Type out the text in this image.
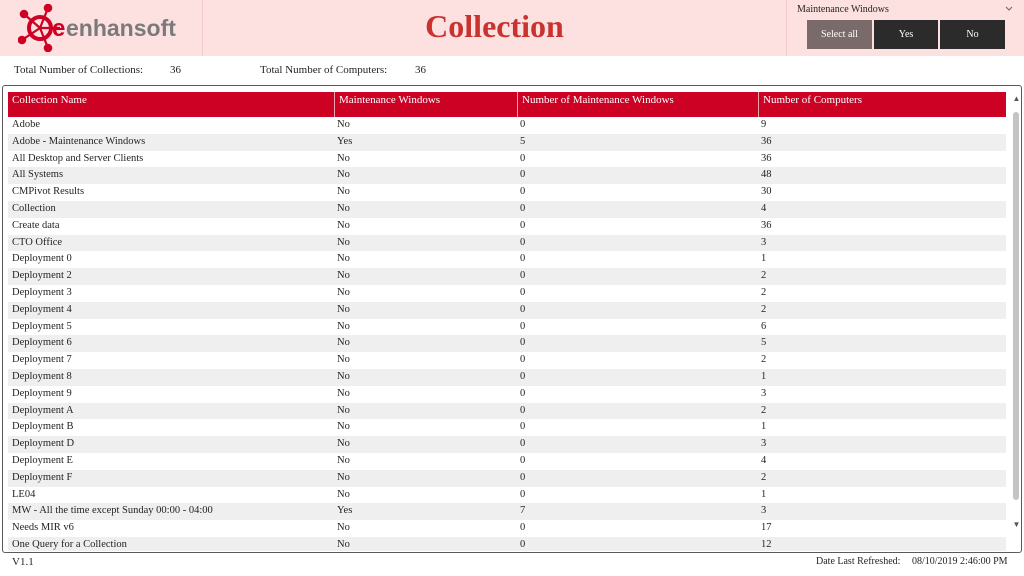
e enhansoft	Collection	Maintenance Windows
Select all	Yes	No
Total Number of Collections: 36	Total Number of Computers:	36
Collection Name	Maintenance Windows	Number of Maintenance Windows	Number of Computers
Adobe	No	0	9
Adobe - Maintenance Windows	Yes	5	36
All Desktop and Server Clients	No	0	36
All Systems	No	0	48
CMPivot Results	No	0	30
Collection	No	0	4
Create data	No	0	36
CTO Office	No	0	3
Deployment 0	No	0	1
Deployment 2	No	0	2
Deployment 3	No	0	2
Deployment 4	No	0	2
Deployment 5	No	0	6
Deployment 6	No	0	5
Deployment 7	No	0	2
Deployment 8	No	0	1
Deployment 9	No	0	3
Deployment A	No	0	2
Deployment B	No	0	1
Deployment D	No	0	3
Deployment E	No	0	4
Deployment F	No	0	2
LE04	No	0	1
MW - All the time except Sunday 00:00 - 04:00	Yes	7	3
Needs MIR v6	No	0	17
One Query for a Collection	No	0	12
▲
▼
V1.1	Date Last Refreshed: 08/10/2019 2:46:00 PM
